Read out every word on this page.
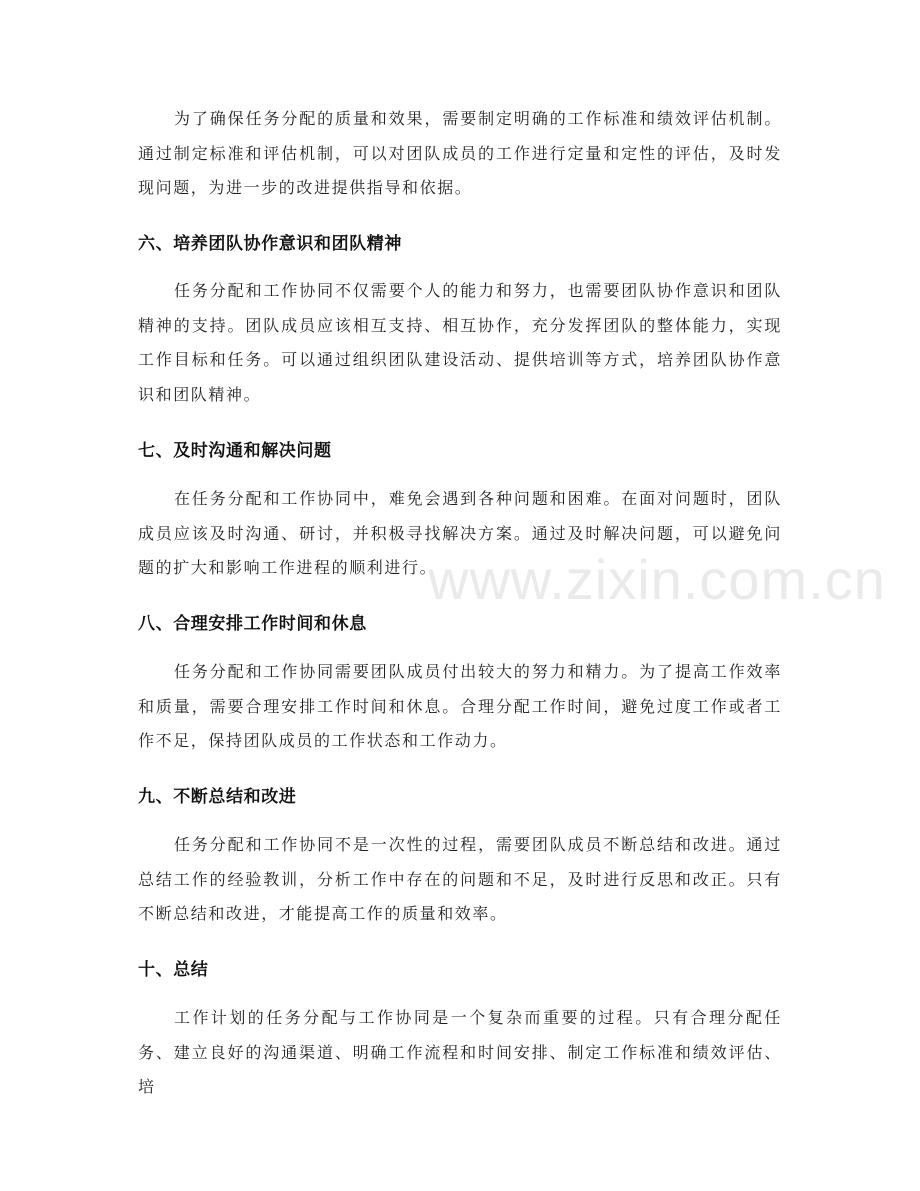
为了确保任务分配的质量和效果，需要制定明确的工作标准和绩效评估机制。通过制定标准和评估机制，可以对团队成员的工作进行定量和定性的评估，及时发现问题，为进一步的改进提供指导和依据。

六、培养团队协作意识和团队精神

任务分配和工作协同不仅需要个人的能力和努力，也需要团队协作意识和团队精神的支持。团队成员应该相互支持、相互协作，充分发挥团队的整体能力，实现工作目标和任务。可以通过组织团队建设活动、提供培训等方式，培养团队协作意识和团队精神。

七、及时沟通和解决问题

在任务分配和工作协同中，难免会遇到各种问题和困难。在面对问题时，团队成员应该及时沟通、研讨，并积极寻找解决方案。通过及时解决问题，可以避免问题的扩大和影响工作进程的顺利进行。

八、合理安排工作时间和休息

任务分配和工作协同需要团队成员付出较大的努力和精力。为了提高工作效率和质量，需要合理安排工作时间和休息。合理分配工作时间，避免过度工作或者工作不足，保持团队成员的工作状态和工作动力。

九、不断总结和改进

任务分配和工作协同不是一次性的过程，需要团队成员不断总结和改进。通过总结工作的经验教训，分析工作中存在的问题和不足，及时进行反思和改正。只有不断总结和改进，才能提高工作的质量和效率。

十、总结

工作计划的任务分配与工作协同是一个复杂而重要的过程。只有合理分配任务、建立良好的沟通渠道、明确工作流程和时间安排、制定工作标准和绩效评估、培

www.zixin.com.cn
